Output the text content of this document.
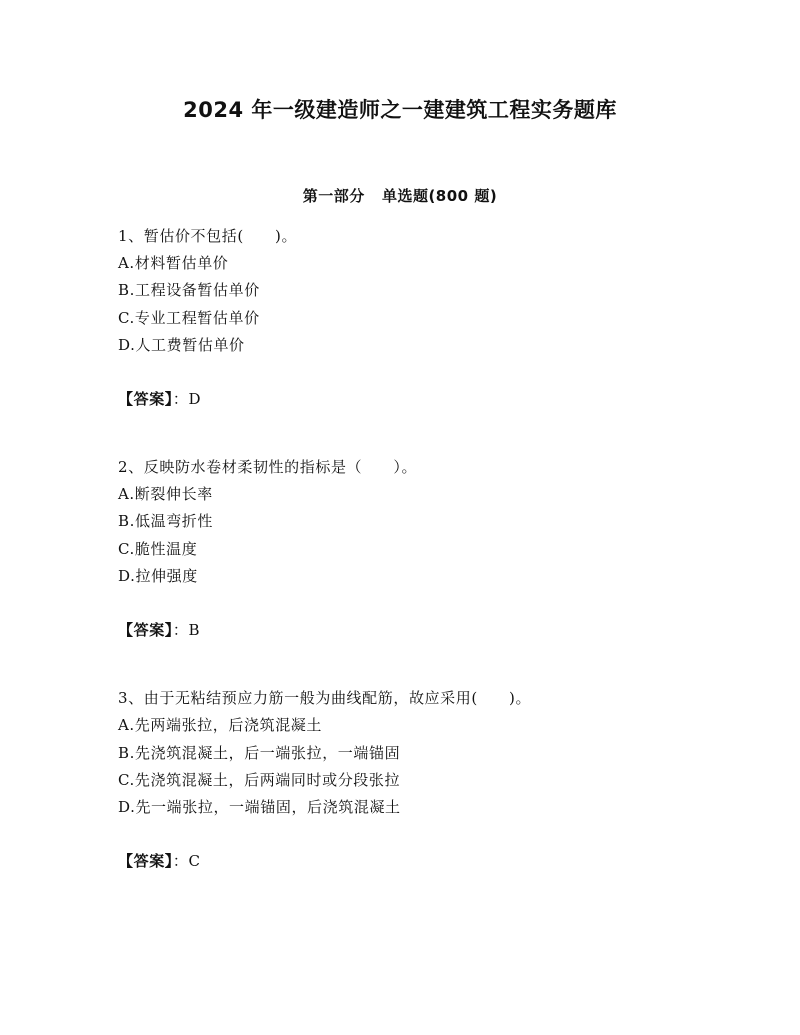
2024 年一级建造师之一建建筑工程实务题库
第一部分   单选题(800 题)
1、暂估价不包括(　　)。
A.材料暂估单价
B.工程设备暂估单价
C.专业工程暂估单价
D.人工费暂估单价
【答案】：D
2、反映防水卷材柔韧性的指标是（　　）。
A.断裂伸长率
B.低温弯折性
C.脆性温度
D.拉伸强度
【答案】：B
3、由于无粘结预应力筋一般为曲线配筋，故应采用(　　)。
A.先两端张拉，后浇筑混凝土
B.先浇筑混凝土，后一端张拉，一端锚固
C.先浇筑混凝土，后两端同时或分段张拉
D.先一端张拉，一端锚固，后浇筑混凝土
【答案】：C
